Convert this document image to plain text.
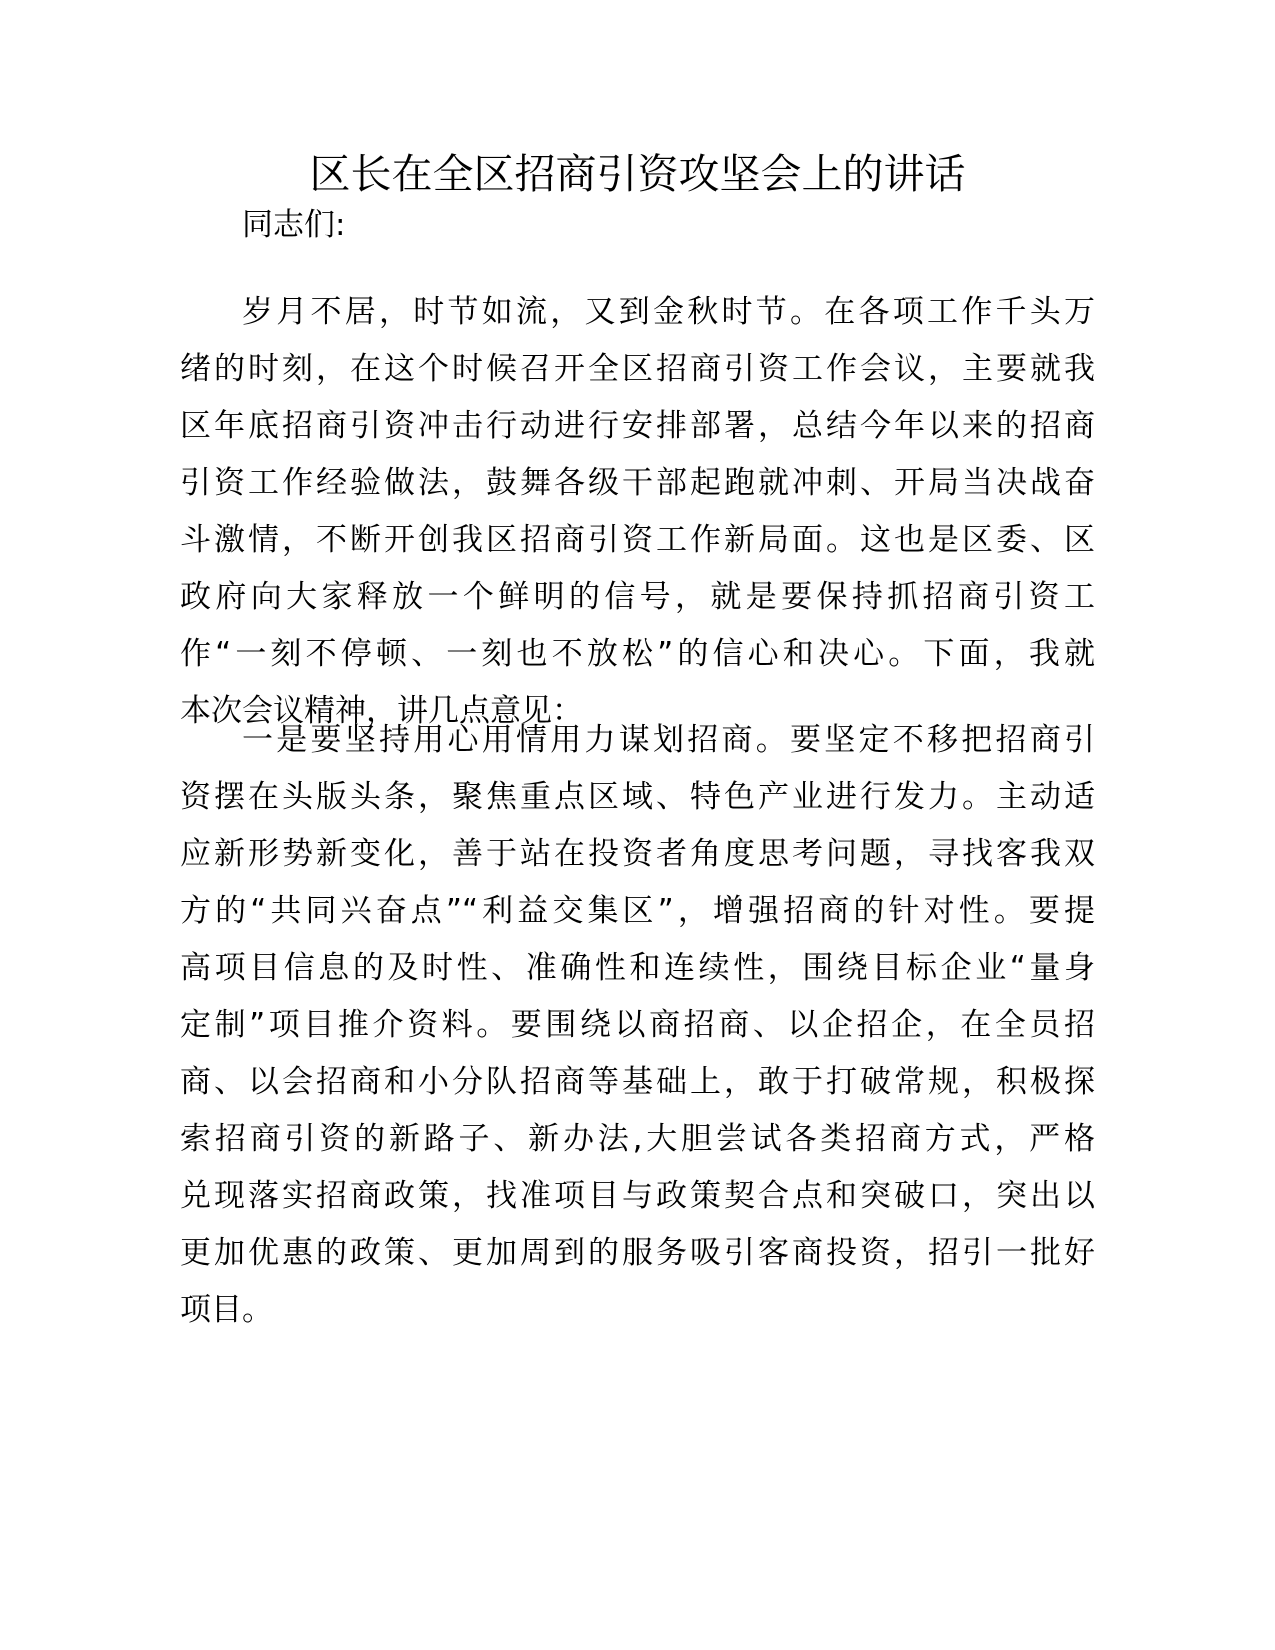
区长在全区招商引资攻坚会上的讲话
同志们:
岁月不居，时节如流，又到金秋时节。在各项工作千头万
绪的时刻，在这个时候召开全区招商引资工作会议，主要就我
区年底招商引资冲击行动进行安排部署，总结今年以来的招商
引资工作经验做法，鼓舞各级干部起跑就冲刺、开局当决战奋
斗激情，不断开创我区招商引资工作新局面。这也是区委、区
政府向大家释放一个鲜明的信号，就是要保持抓招商引资工
作“一刻不停顿、一刻也不放松”的信心和决心。下面，我就
本次会议精神，讲几点意见：
一是要坚持用心用情用力谋划招商。要坚定不移把招商引
资摆在头版头条，聚焦重点区域、特色产业进行发力。主动适
应新形势新变化，善于站在投资者角度思考问题，寻找客我双
方的“共同兴奋点”“利益交集区”，增强招商的针对性。要提
高项目信息的及时性、准确性和连续性，围绕目标企业“量身
定制”项目推介资料。要围绕以商招商、以企招企，在全员招
商、以会招商和小分队招商等基础上，敢于打破常规，积极探
索招商引资的新路子、新办法,大胆尝试各类招商方式，严格
兑现落实招商政策，找准项目与政策契合点和突破口，突出以
更加优惠的政策、更加周到的服务吸引客商投资，招引一批好
项目。
